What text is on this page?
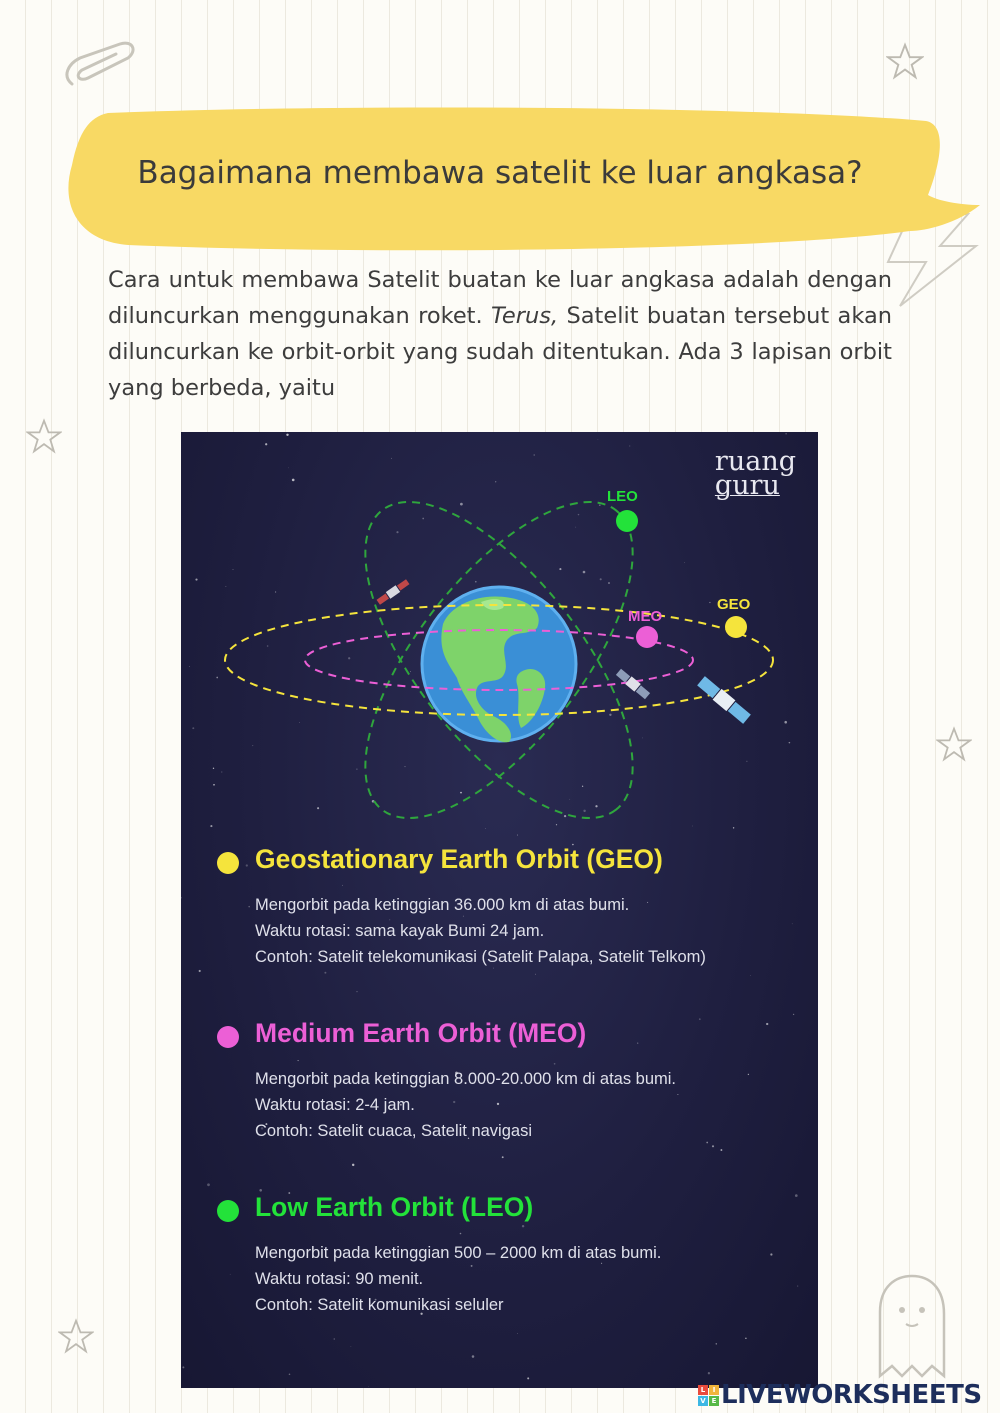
Bagaimana membawa satelit ke luar angkasa?

Cara untuk membawa Satelit buatan ke luar angkasa adalah dengan diluncurkan menggunakan roket. Terus, Satelit buatan tersebut akan diluncurkan ke orbit-orbit yang sudah ditentukan. Ada 3 lapisan orbit yang berbeda, yaitu

ruang
guru
LEO
MEO
GEO
Geostationary Earth Orbit (GEO)
Mengorbit pada ketinggian 36.000 km di atas bumi.
Waktu rotasi: sama kayak Bumi 24 jam.
Contoh: Satelit telekomunikasi (Satelit Palapa, Satelit Telkom)
Medium Earth Orbit (MEO)
Mengorbit pada ketinggian 8.000-20.000 km di atas bumi.
Waktu rotasi: 2-4 jam.
Contoh: Satelit cuaca, Satelit navigasi
Low Earth Orbit (LEO)
Mengorbit pada ketinggian 500 – 2000 km di atas bumi.
Waktu rotasi: 90 menit.
Contoh: Satelit komunikasi seluler
L	I
V E LIVEWORKSHEETS
